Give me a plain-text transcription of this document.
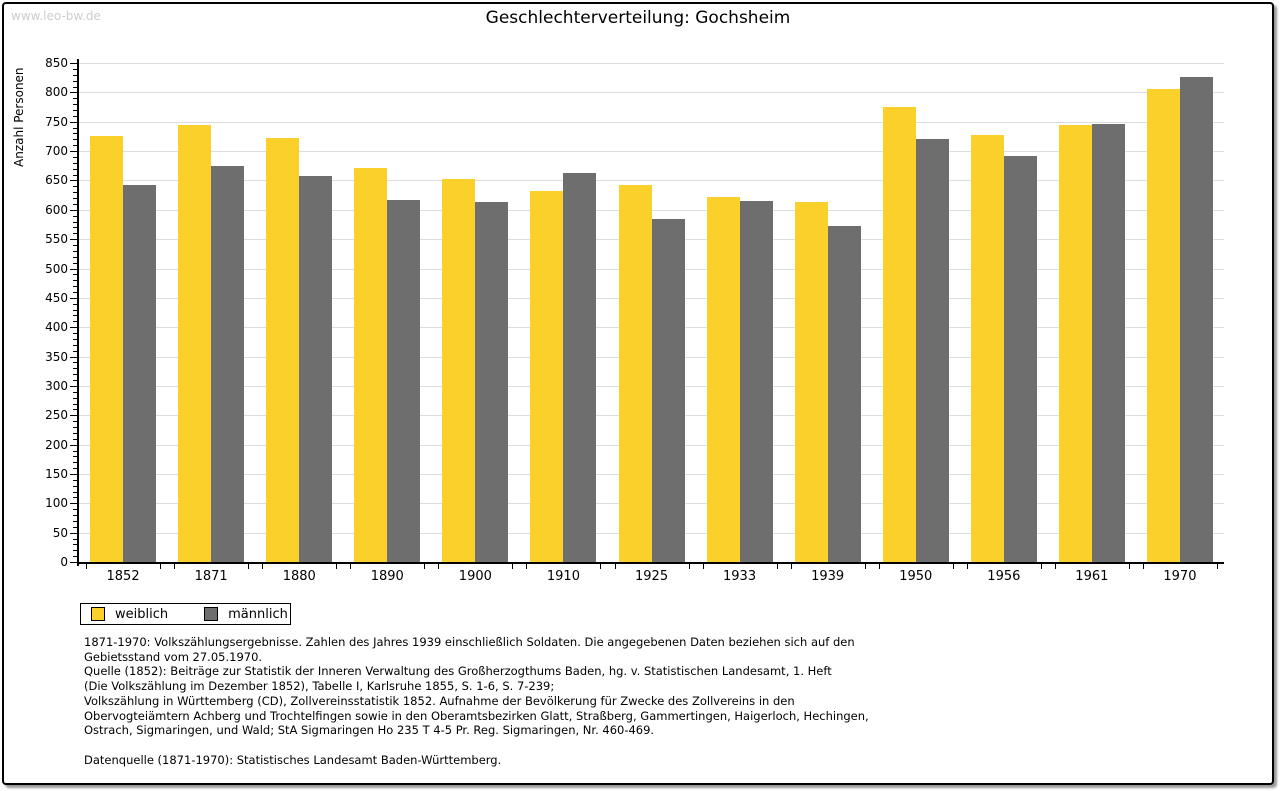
www.leo-bw.de	Geschlechterverteilung: Gochsheim
Anzahl Personen
0
50
100
150
200
250
300
350
400
450
500
550
600
650
700
750
800
850
1852	1871	1880	1890	1900	1910	1925	1933	1939	1950	1956	1961	1970
weiblich	männlich
1871-1970: Volkszählungsergebnisse. Zahlen des Jahres 1939 einschließlich Soldaten. Die angegebenen Daten beziehen sich auf den
Gebietsstand vom 27.05.1970.
Quelle (1852): Beiträge zur Statistik der Inneren Verwaltung des Großherzogthums Baden, hg. v. Statistischen Landesamt, 1. Heft
(Die Volkszählung im Dezember 1852), Tabelle I, Karlsruhe 1855, S. 1-6, S. 7-239;
Volkszählung in Württemberg (CD), Zollvereinsstatistik 1852. Aufnahme der Bevölkerung für Zwecke des Zollvereins in den
Obervogteiämtern Achberg und Trochtelfingen sowie in den Oberamtsbezirken Glatt, Straßberg, Gammertingen, Haigerloch, Hechingen,
Ostrach, Sigmaringen, und Wald; StA Sigmaringen Ho 235 T 4-5 Pr. Reg. Sigmaringen, Nr. 460-469.
Datenquelle (1871-1970): Statistisches Landesamt Baden-Württemberg.
